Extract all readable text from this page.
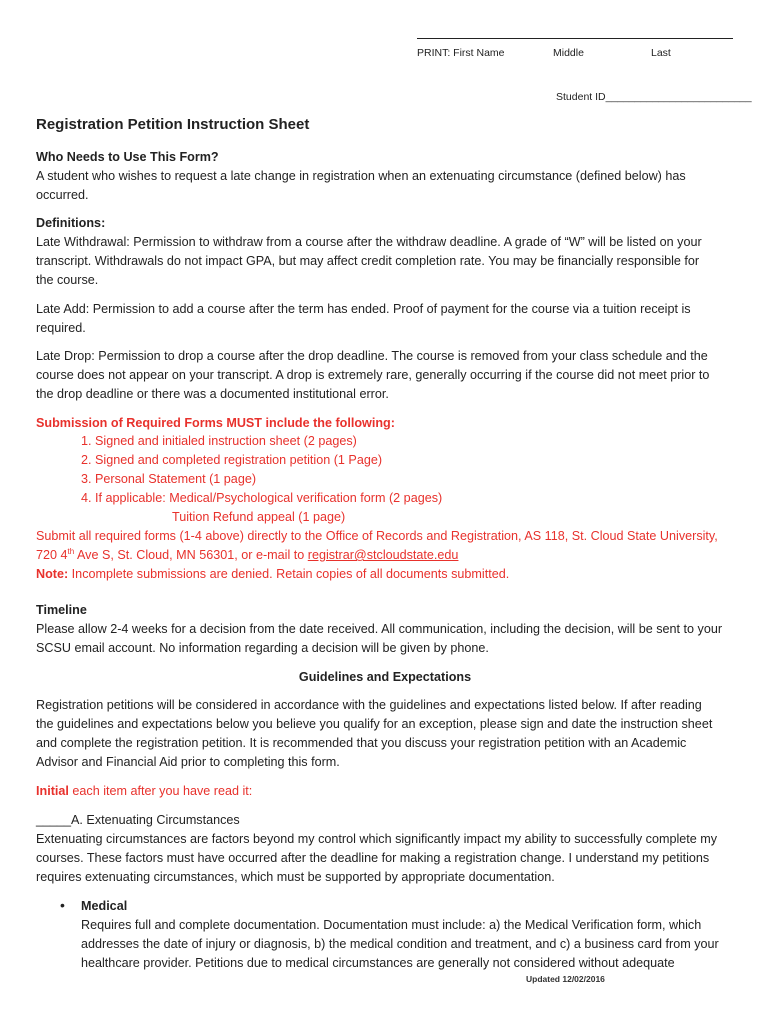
PRINT: First Name	Middle	Last
Student ID_________________________
Registration Petition Instruction Sheet
Who Needs to Use This Form?
A student who wishes to request a late change in registration when an extenuating circumstance (defined below) has
occurred.
Definitions:
Late Withdrawal: Permission to withdraw from a course after the withdraw deadline. A grade of “W” will be listed on your
transcript. Withdrawals do not impact GPA, but may affect credit completion rate. You may be financially responsible for
the course.
Late Add: Permission to add a course after the term has ended. Proof of payment for the course via a tuition receipt is
required.
Late Drop: Permission to drop a course after the drop deadline. The course is removed from your class schedule and the
course does not appear on your transcript. A drop is extremely rare, generally occurring if the course did not meet prior to
the drop deadline or there was a documented institutional error.
Submission of Required Forms MUST include the following:
1. Signed and initialed instruction sheet (2 pages)
2. Signed and completed registration petition (1 Page)
3. Personal Statement (1 page)
4. If applicable: Medical/Psychological verification form (2 pages)
Tuition Refund appeal (1 page)
Submit all required forms (1-4 above) directly to the Office of Records and Registration, AS 118, St. Cloud State University,
720 4th Ave S, St. Cloud, MN 56301, or e-mail to registrar@stcloudstate.edu
Note: Incomplete submissions are denied. Retain copies of all documents submitted.
Timeline
Please allow 2-4 weeks for a decision from the date received. All communication, including the decision, will be sent to your
SCSU email account. No information regarding a decision will be given by phone.
Guidelines and Expectations
Registration petitions will be considered in accordance with the guidelines and expectations listed below. If after reading
the guidelines and expectations below you believe you qualify for an exception, please sign and date the instruction sheet
and complete the registration petition. It is recommended that you discuss your registration petition with an Academic
Advisor and Financial Aid prior to completing this form.
Initial each item after you have read it:
_____A. Extenuating Circumstances
Extenuating circumstances are factors beyond my control which significantly impact my ability to successfully complete my
courses. These factors must have occurred after the deadline for making a registration change. I understand my petitions
requires extenuating circumstances, which must be supported by appropriate documentation.
• Medical
Requires full and complete documentation. Documentation must include: a) the Medical Verification form, which
addresses the date of injury or diagnosis, b) the medical condition and treatment, and c) a business card from your
healthcare provider. Petitions due to medical circumstances are generally not considered without adequate
Updated 12/02/2016
